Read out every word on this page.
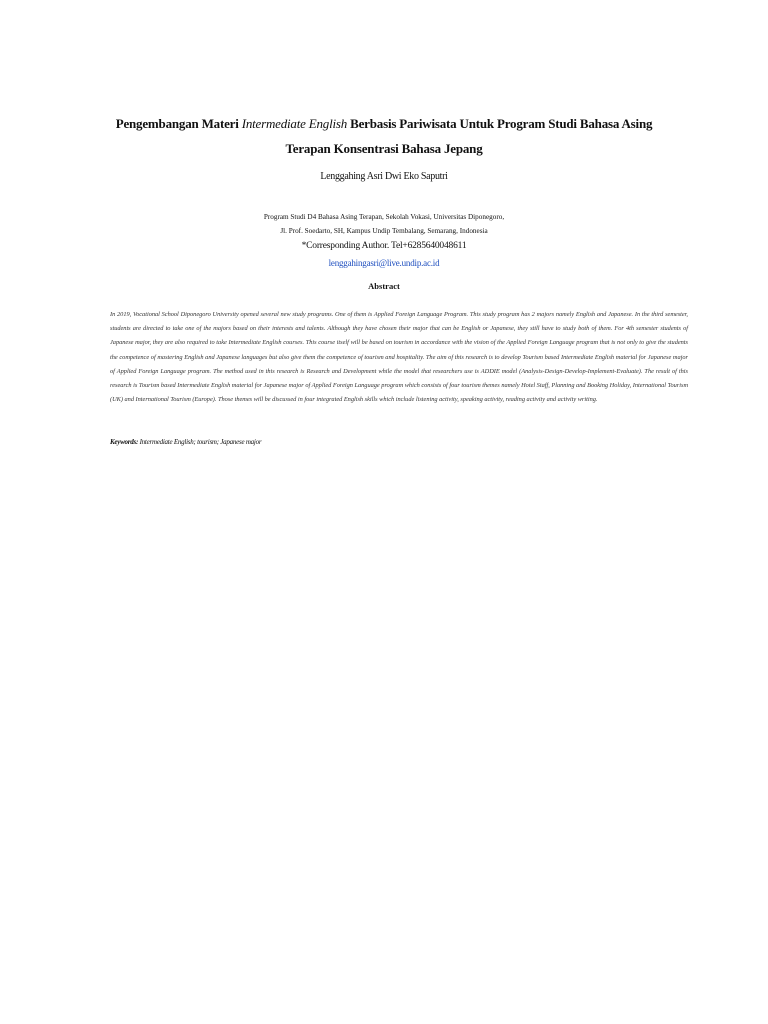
Pengembangan Materi Intermediate English Berbasis Pariwisata Untuk Program Studi Bahasa Asing Terapan Konsentrasi Bahasa Jepang
Lenggahing Asri Dwi Eko Saputri
Program Studi D4 Bahasa Asing Terapan, Sekolah Vokasi, Universitas Diponegoro,
Jl. Prof. Soedarto, SH, Kampus Undip Tembalang, Semarang, Indonesia
*Corresponding Author. Tel+6285640048611
lenggahingasri@live.undip.ac.id
Abstract
In 2019, Vocational School Diponegoro University opened several new study programs. One of them is Applied Foreign Language Program. This study program has 2 majors namely English and Japanese. In the third semester, students are directed to take one of the majors based on their interests and talents. Although they have chosen their major that can be English or Japanese, they still have to study both of them. For 4th semester students of Japanese major, they are also required to take Intermediate English courses. This course itself will be based on tourism in accordance with the vision of the Applied Foreign Language program that is not only to give the students the competence of mastering English and Japanese languages but also give them the competence of tourism and hospitality. The aim of this research is to develop Tourism based Intermediate English material for Japanese major of Applied Foreign Language program. The method used in this research is Research and Development while the model that researchers use is ADDIE model (Analysis-Design-Develop-Implement-Evaluate). The result of this research is Tourism based Intermediate English material for Japanese major of Applied Foreign Language program which consists of four tourism themes namely Hotel Staff, Planning and Booking Holiday, International Tourism (UK) and International Tourism (Europe). Those themes will be discussed in four integrated English skills which include listening activity, speaking activity, reading activity and activity writing.
Keywords: Intermediate English; tourism; Japanese major
